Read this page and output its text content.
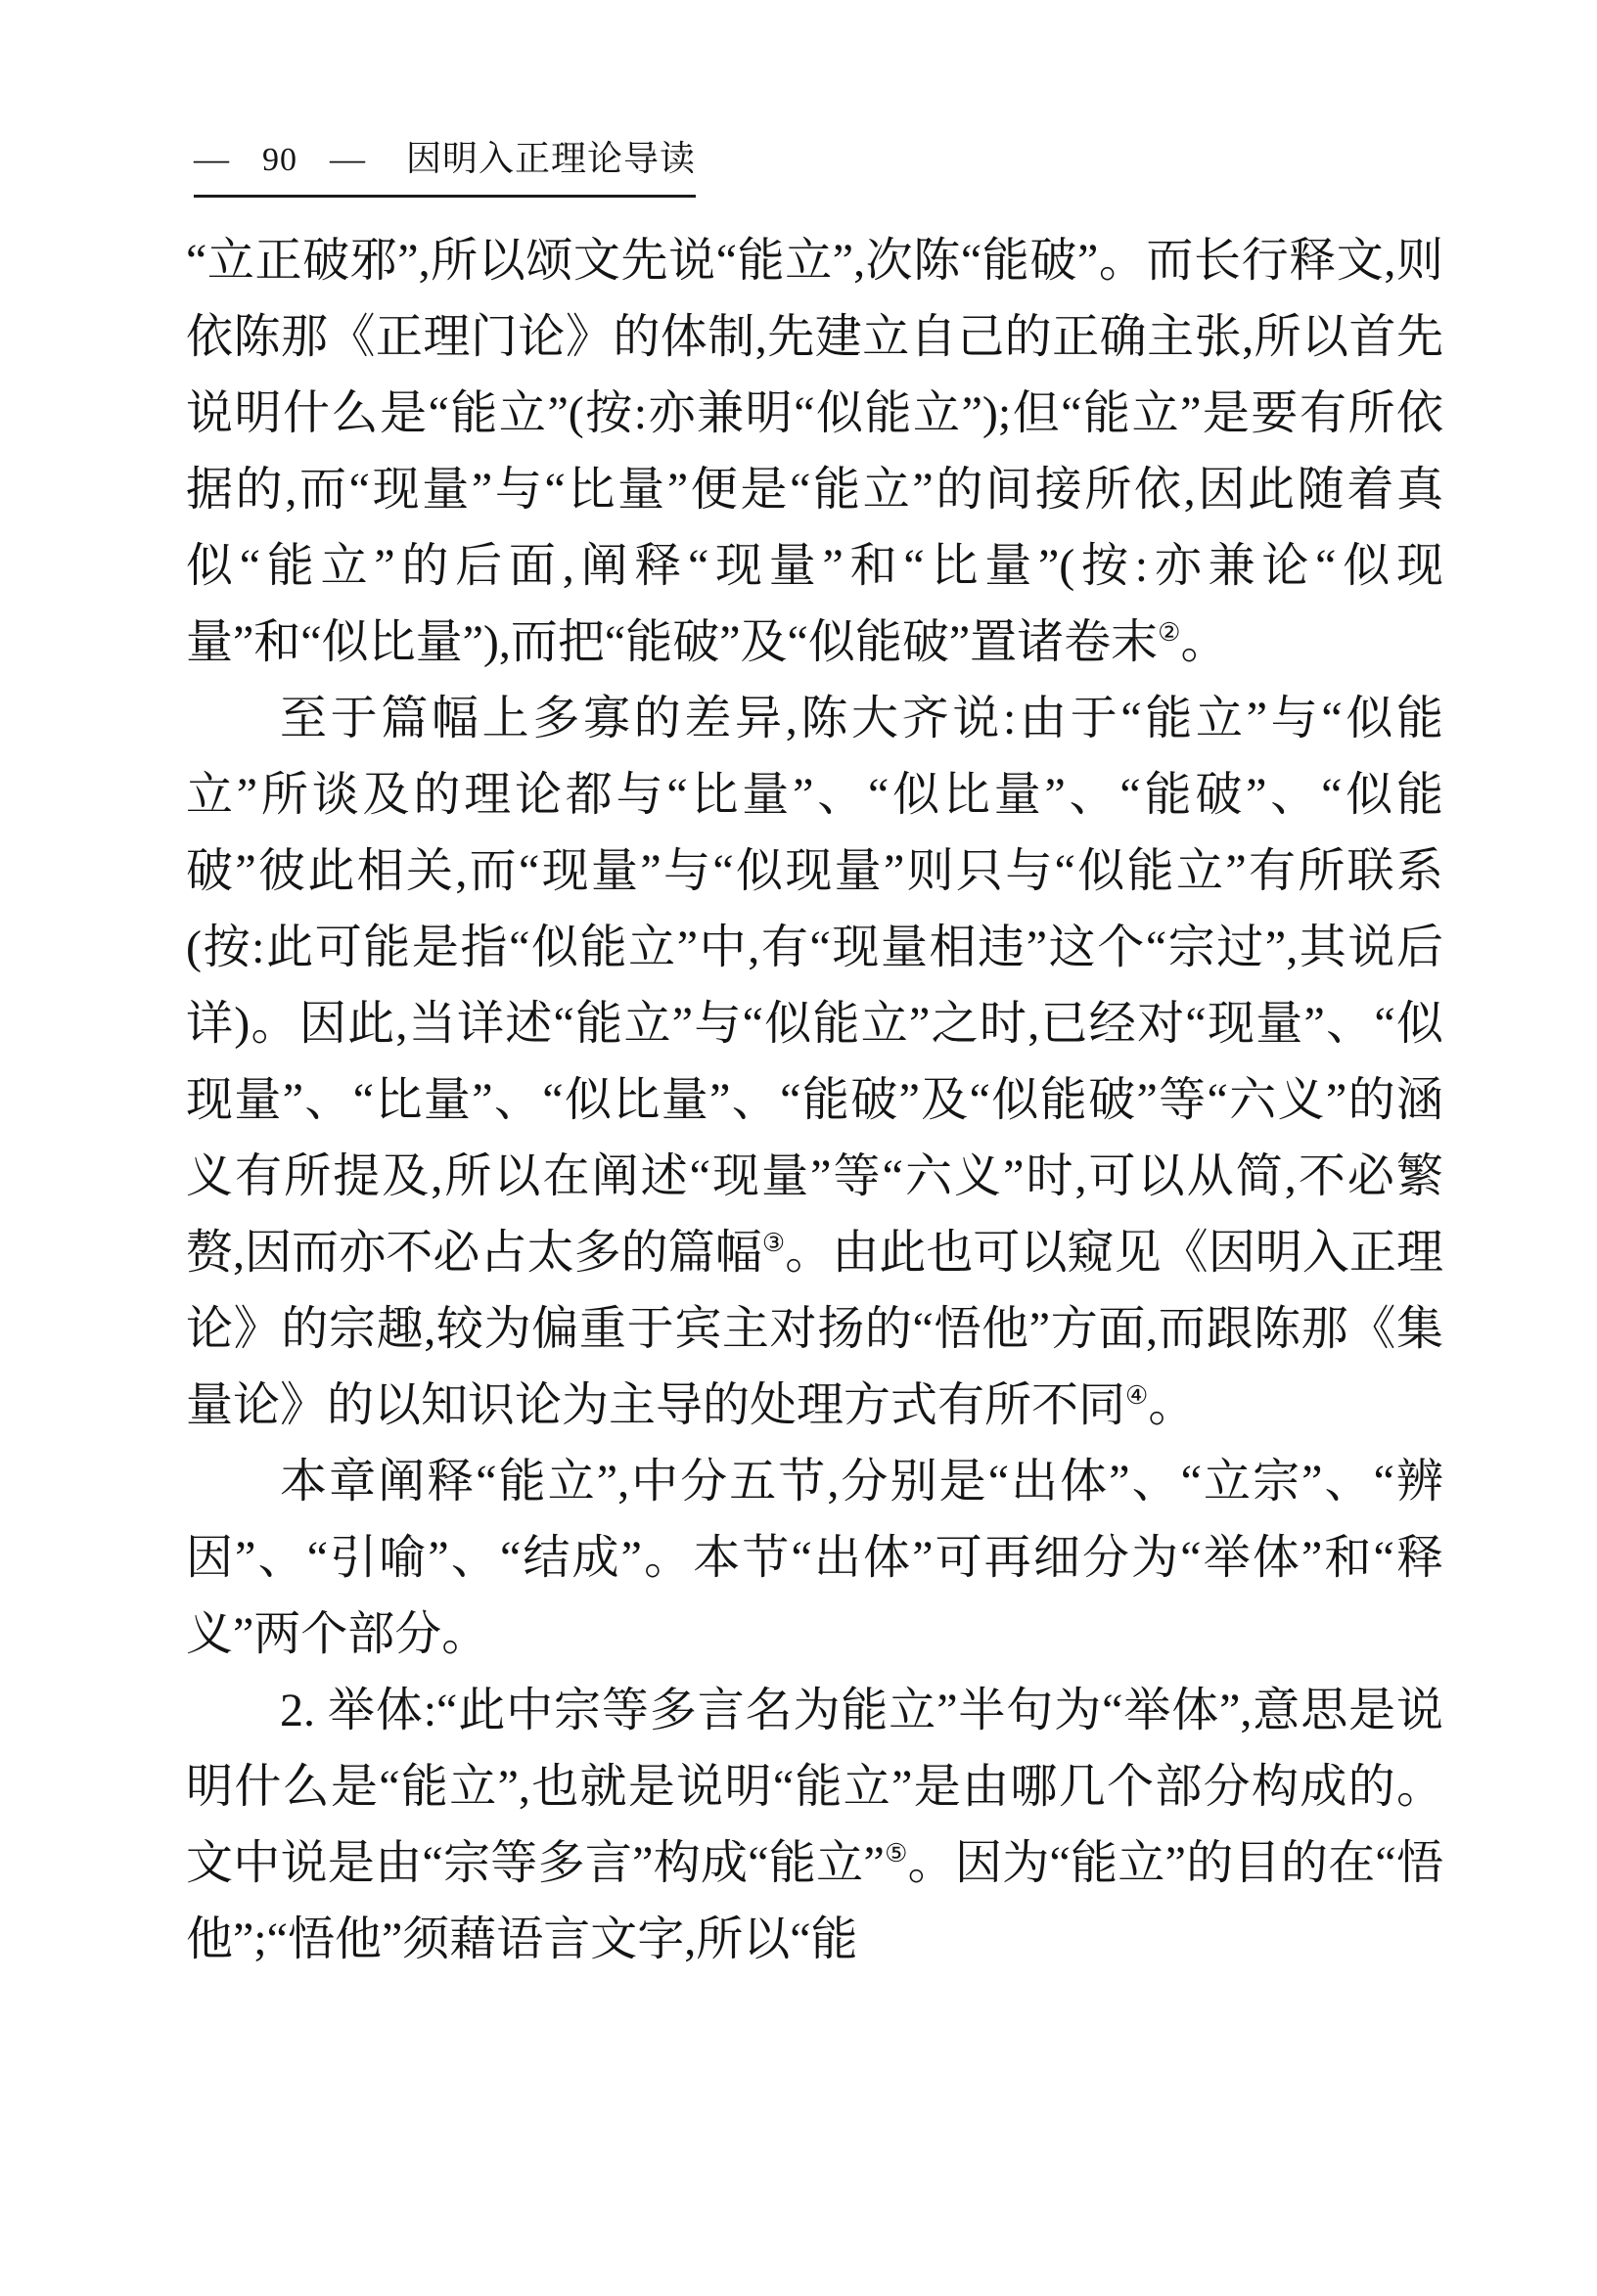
— 90 — 因明入正理论导读

“立正破邪”,所以颂文先说“能立”,次陈“能破”。而长行释文,则依陈那《正理门论》的体制,先建立自己的正确主张,所以首先说明什么是“能立”(按:亦兼明“似能立”);但“能立”是要有所依据的,而“现量”与“比量”便是“能立”的间接所依,因此随着真似“能立”的后面,阐释“现量”和“比量”(按:亦兼论“似现量”和“似比量”),而把“能破”及“似能破”置诸卷末②。

至于篇幅上多寡的差异,陈大齐说:由于“能立”与“似能立”所谈及的理论都与“比量”、“似比量”、“能破”、“似能破”彼此相关,而“现量”与“似现量”则只与“似能立”有所联系(按:此可能是指“似能立”中,有“现量相违”这个“宗过”,其说后详)。因此,当详述“能立”与“似能立”之时,已经对“现量”、“似现量”、“比量”、“似比量”、“能破”及“似能破”等“六义”的涵义有所提及,所以在阐述“现量”等“六义”时,可以从简,不必繁赘,因而亦不必占太多的篇幅③。由此也可以窥见《因明入正理论》的宗趣,较为偏重于宾主对扬的“悟他”方面,而跟陈那《集量论》的以知识论为主导的处理方式有所不同④。

本章阐释“能立”,中分五节,分别是“出体”、“立宗”、“辨因”、“引喻”、“结成”。本节“出体”可再细分为“举体”和“释义”两个部分。

2. 举体:“此中宗等多言名为能立”半句为“举体”,意思是说明什么是“能立”,也就是说明“能立”是由哪几个部分构成的。文中说是由“宗等多言”构成“能立”⑤。因为“能立”的目的在“悟他”;“悟他”须藉语言文字,所以“能
